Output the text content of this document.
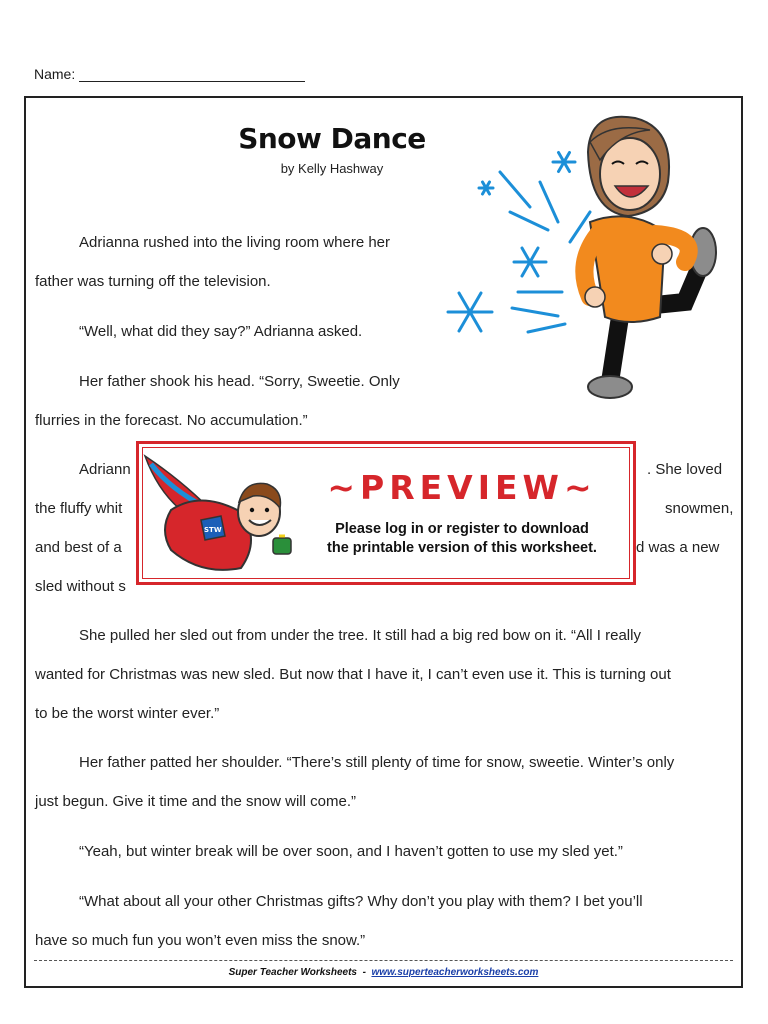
Name:
Snow Dance
by Kelly Hashway
Adrianna rushed into the living room where her
father was turning off the television.
“Well, what did they say?” Adrianna asked.
Her father shook his head. “Sorry, Sweetie. Only
flurries in the forecast. No accumulation.”
Adriann	. She loved
the fluffy whit	snowmen,
and best of a	d was a new
sled without s
She pulled her sled out from under the tree. It still had a big red bow on it. “All I really
wanted for Christmas was new sled. But now that I have it, I can’t even use it. This is turning out
to be the worst winter ever.”
Her father patted her shoulder. “There’s still plenty of time for snow, sweetie. Winter’s only
just begun. Give it time and the snow will come.”
“Yeah, but winter break will be over soon, and I haven’t gotten to use my sled yet.”
“What about all your other Christmas gifts? Why don’t you play with them? I bet you’ll
have so much fun you won’t even miss the snow.”
STW
~PREVIEW~
Please log in or register to download
the printable version of this worksheet.
Super Teacher Worksheets - www.superteacherworksheets.com
